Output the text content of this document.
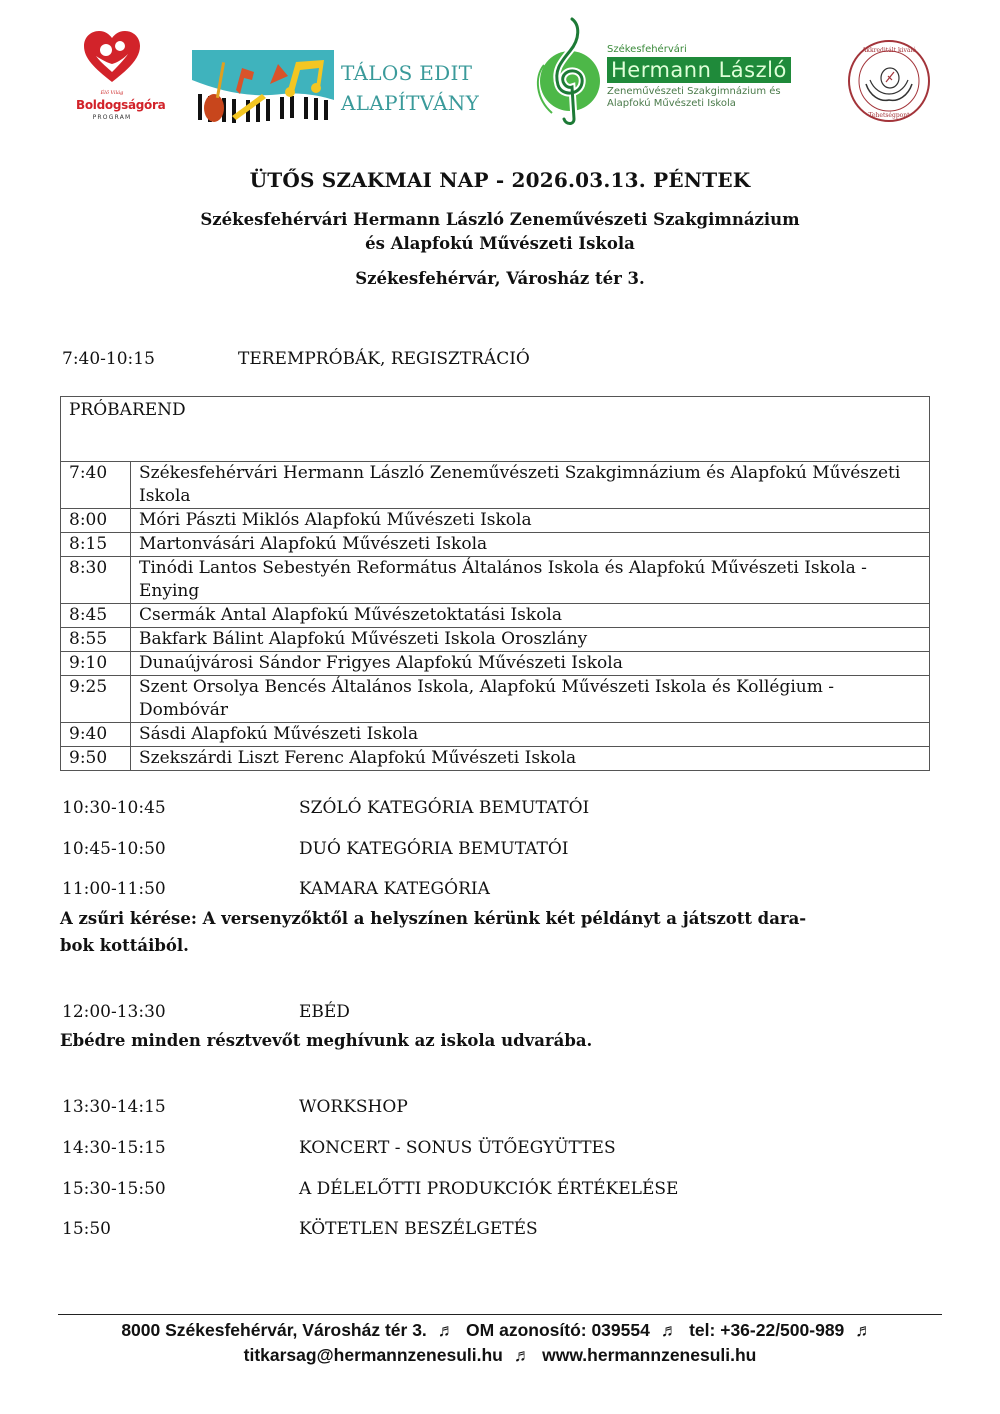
Élő Világ
Boldogságóra
PROGRAM
TÁLOS EDIT
ALAPÍTVÁNY
Székesfehérvári
Hermann László
Zeneművészeti Szakgimnázium és
Alapfokú Művészeti Iskola
Akkreditált kiváló
Tehetségpont
ÜTŐS SZAKMAI NAP - 2026.03.13. PÉNTEK
Székesfehérvári Hermann László Zeneművészeti Szakgimnázium
és Alapfokú Művészeti Iskola
Székesfehérvár, Városház tér 3.
7:40-10:15	TEREMPRÓBÁK, REGISZTRÁCIÓ
PRÓBAREND	
7:40	Székesfehérvári Hermann László Zeneművészeti Szakgimnázium és Alapfokú Művészeti Iskola
8:00	Móri Pászti Miklós Alapfokú Művészeti Iskola
8:15	Martonvásári Alapfokú Művészeti Iskola
8:30	Tinódi Lantos Sebestyén Református Általános Iskola és Alapfokú Művészeti Iskola - Enying
8:45	Csermák Antal Alapfokú Művészetoktatási Iskola
8:55	Bakfark Bálint Alapfokú Művészeti Iskola Oroszlány
9:10	Dunaújvárosi Sándor Frigyes Alapfokú Művészeti Iskola
9:25	Szent Orsolya Bencés Általános Iskola, Alapfokú Művészeti Iskola és Kollégium - Dombóvár
9:40	Sásdi Alapfokú Művészeti Iskola
9:50	Szekszárdi Liszt Ferenc Alapfokú Művészeti Iskola
10:30-10:45	SZÓLÓ KATEGÓRIA BEMUTATÓI
10:45-10:50	DUÓ KATEGÓRIA BEMUTATÓI
11:00-11:50	KAMARA KATEGÓRIA
A zsűri kérése: A versenyzőktől a helyszínen kérünk két példányt a játszott dara-
bok kottáiból.
12:00-13:30	EBÉD
Ebédre minden résztvevőt meghívunk az iskola udvarába.
13:30-14:15	WORKSHOP
14:30-15:15	KONCERT - SONUS ÜTŐEGYÜTTES
15:30-15:50	A DÉLELŐTTI PRODUKCIÓK ÉRTÉKELÉSE
15:50	KÖTETLEN BESZÉLGETÉS
8000 Székesfehérvár, Városház tér 3. ♬ OM azonosító: 039554 ♬ tel: +36-22/500-989 ♬
titkarsag@hermannzenesuli.hu ♬ www.hermannzenesuli.hu
